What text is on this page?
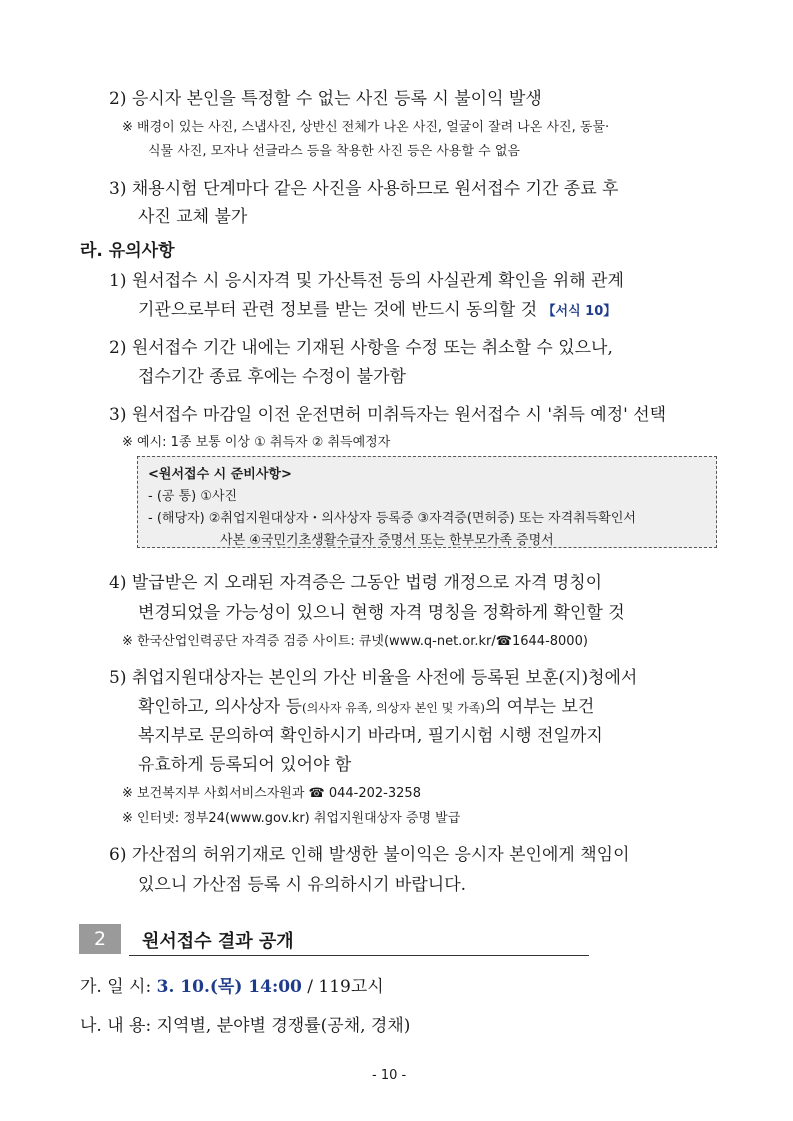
2) 응시자 본인을 특정할 수 없는 사진 등록 시 불이익 발생
※ 배경이 있는 사진, 스냅사진, 상반신 전체가 나온 사진, 얼굴이 잘려 나온 사진, 동물·
식물 사진, 모자나 선글라스 등을 착용한 사진 등은 사용할 수 없음
3) 채용시험 단계마다 같은 사진을 사용하므로 원서접수 기간 종료 후
사진 교체 불가
라. 유의사항
1) 원서접수 시 응시자격 및 가산특전 등의 사실관계 확인을 위해 관계
기관으로부터 관련 정보를 받는 것에 반드시 동의할 것 【서식 10】
2) 원서접수 기간 내에는 기재된 사항을 수정 또는 취소할 수 있으나,
접수기간 종료 후에는 수정이 불가함
3) 원서접수 마감일 이전 운전면허 미취득자는 원서접수 시 '취득 예정' 선택
※ 예시: 1종 보통 이상 ① 취득자 ② 취득예정자
<원서접수 시 준비사항>
- (공 통) ①사진
- (해당자) ②취업지원대상자・의사상자 등록증 ③자격증(면허증) 또는 자격취득확인서
사본 ④국민기초생활수급자 증명서 또는 한부모가족 증명서
4) 발급받은 지 오래된 자격증은 그동안 법령 개정으로 자격 명칭이
변경되었을 가능성이 있으니 현행 자격 명칭을 정확하게 확인할 것
※ 한국산업인력공단 자격증 검증 사이트: 큐넷(www.q-net.or.kr/☎1644-8000)
5) 취업지원대상자는 본인의 가산 비율을 사전에 등록된 보훈(지)청에서
확인하고, 의사상자 등(의사자 유족, 의상자 본인 및 가족)의 여부는 보건
복지부로 문의하여 확인하시기 바라며, 필기시험 시행 전일까지
유효하게 등록되어 있어야 함
※ 보건복지부 사회서비스자원과 ☎ 044-202-3258
※ 인터넷: 정부24(www.gov.kr) 취업지원대상자 증명 발급
6) 가산점의 허위기재로 인해 발생한 불이익은 응시자 본인에게 책임이
있으니 가산점 등록 시 유의하시기 바랍니다.
2	원서접수 결과 공개
가. 일 시: 3. 10.(목) 14:00 / 119고시
나. 내 용: 지역별, 분야별 경쟁률(공채, 경채)
- 10 -
